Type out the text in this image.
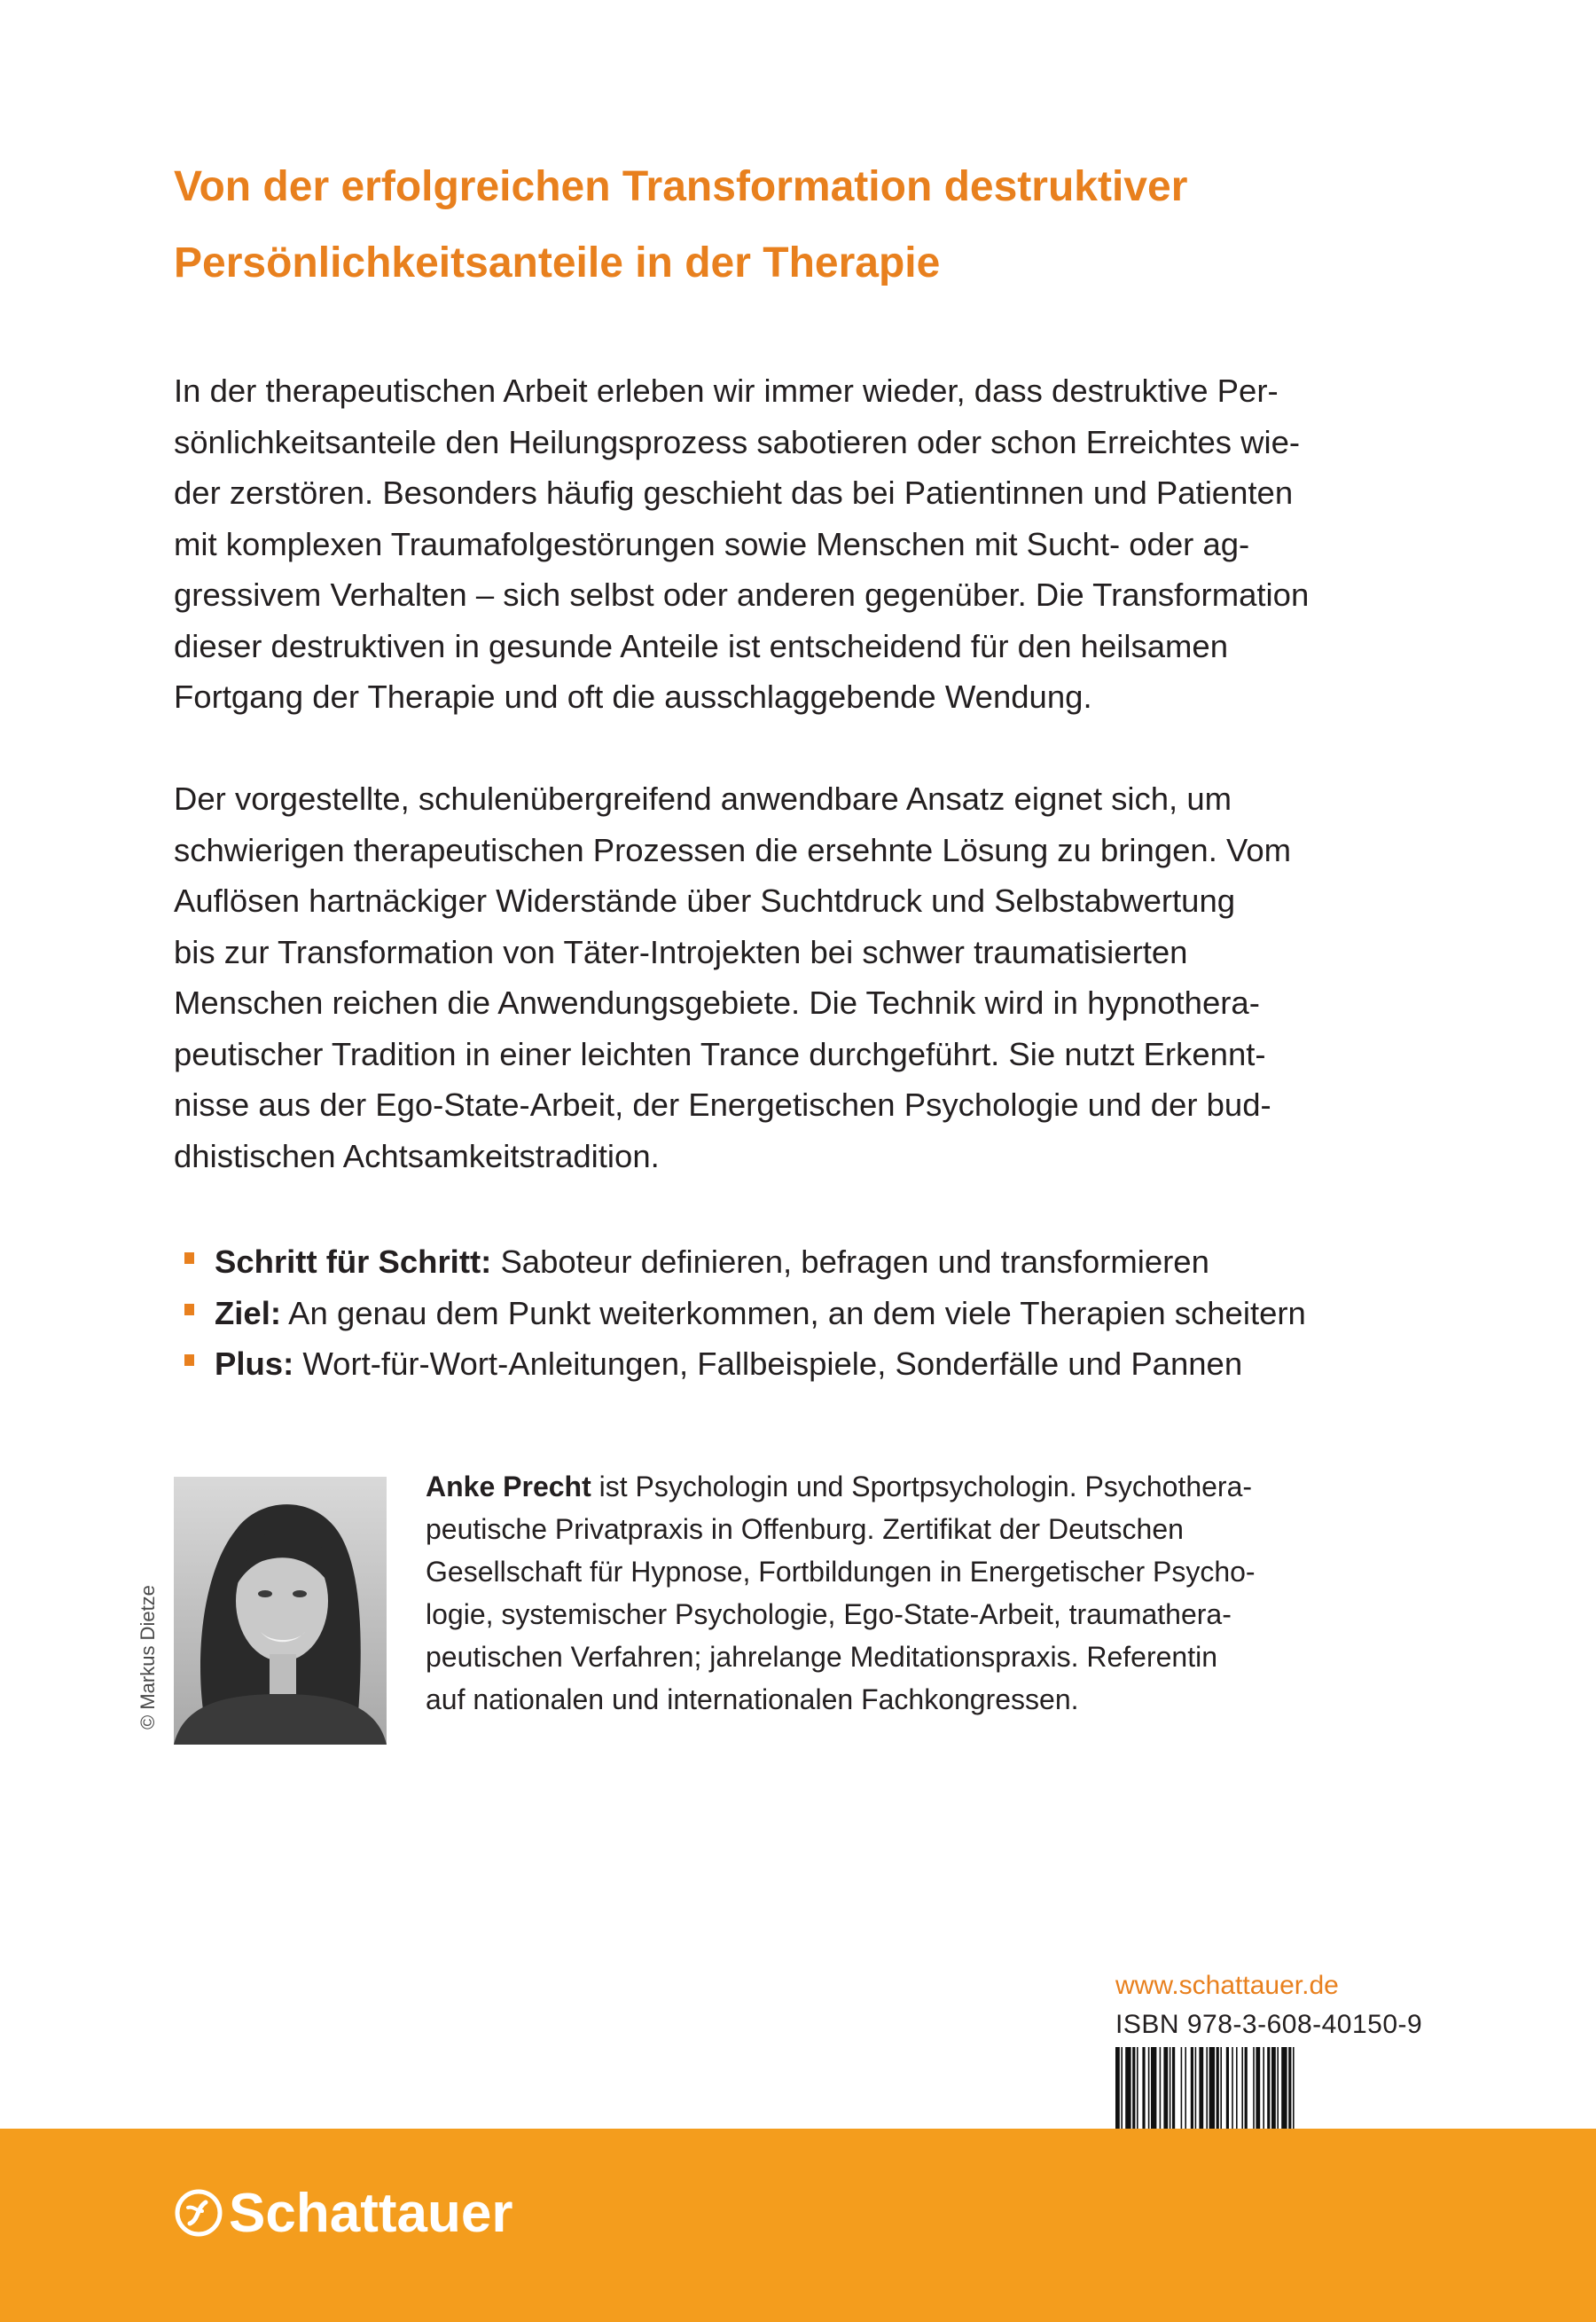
Von der erfolgreichen Transformation destruktiver
Persönlichkeitsanteile in der Therapie
In der therapeutischen Arbeit erleben wir immer wieder, dass destruktive Per-
sönlichkeitsanteile den Heilungsprozess sabotieren oder schon Erreichtes wie-
der zerstören. Besonders häufig geschieht das bei Patientinnen und Patienten
mit komplexen Traumafolgestörungen sowie Menschen mit Sucht- oder ag-
gressivem Verhalten – sich selbst oder anderen gegenüber. Die Transformation
dieser destruktiven in gesunde Anteile ist entscheidend für den heilsamen
Fortgang der Therapie und oft die ausschlaggebende Wendung.
Der vorgestellte, schulenübergreifend anwendbare Ansatz eignet sich, um
schwierigen therapeutischen Prozessen die ersehnte Lösung zu bringen. Vom
Auflösen hartnäckiger Widerstände über Suchtdruck und Selbstabwertung
bis zur Transformation von Täter-Introjekten bei schwer traumatisierten
Menschen reichen die Anwendungsgebiete. Die Technik wird in hypnothera-
peutischer Tradition in einer leichten Trance durchgeführt. Sie nutzt Erkennt-
nisse aus der Ego-State-Arbeit, der Energetischen Psychologie und der bud-
dhistischen Achtsamkeitstradition.
Schritt für Schritt: Saboteur definieren, befragen und transformieren
Ziel: An genau dem Punkt weiterkommen, an dem viele Therapien scheitern
Plus: Wort-für-Wort-Anleitungen, Fallbeispiele, Sonderfälle und Pannen
© Markus Dietze
Anke Precht ist Psychologin und Sportpsychologin. Psychothera-
peutische Privatpraxis in Offenburg. Zertifikat der Deutschen
Gesellschaft für Hypnose, Fortbildungen in Energetischer Psycho-
logie, systemischer Psychologie, Ego-State-Arbeit, traumathera-
peutischen Verfahren; jahrelange Meditationspraxis. Referentin
auf nationalen und internationalen Fachkongressen.
www.schattauer.de
ISBN 978-3-608-40150-9
Schattauer
